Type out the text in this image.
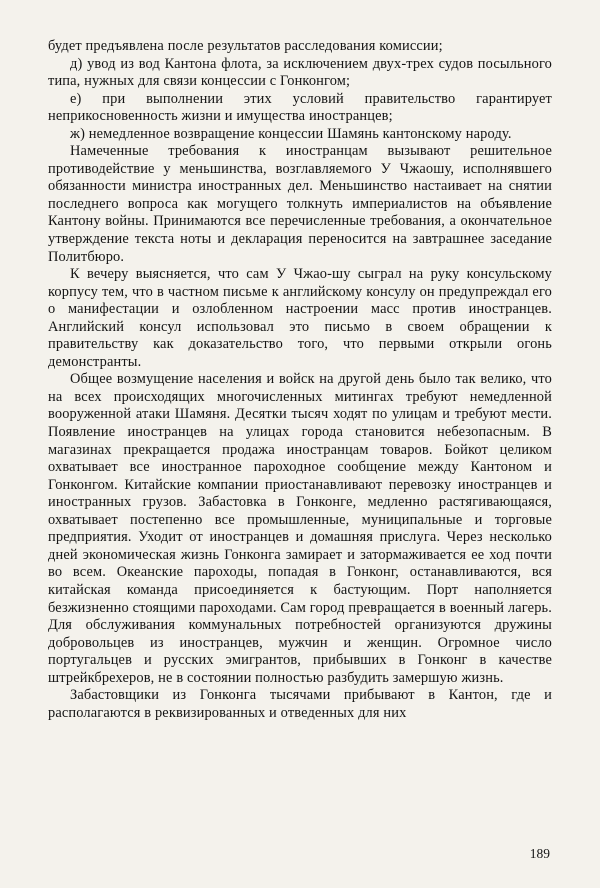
будет предъявлена после результатов расследования комиссии;

д) увод из вод Кантона флота, за исключением двух-трех судов посыльного типа, нужных для связи концессии с Гонконгом;

е) при выполнении этих условий правительство гарантирует неприкосновенность жизни и имущества иностранцев;

ж) немедленное возвращение концессии Шамянь кантонскому народу.

Намеченные требования к иностранцам вызывают решительное противодействие у меньшинства, возглавляемого У Чжаошу, исполнявшего обязанности министра иностранных дел. Меньшинство настаивает на снятии последнего вопроса как могущего толкнуть империалистов на объявление Кантону войны. Принимаются все перечисленные требования, а окончательное утверждение текста ноты и декларация переносится на завтрашнее заседание Политбюро.

К вечеру выясняется, что сам У Чжао-шу сыграл на руку консульскому корпусу тем, что в частном письме к английскому консулу он предупреждал его о манифестации и озлобленном настроении масс против иностранцев. Английский консул использовал это письмо в своем обращении к правительству как доказательство того, что первыми открыли огонь демонстранты.

Общее возмущение населения и войск на другой день было так велико, что на всех происходящих многочисленных митингах требуют немедленной вооруженной атаки Шамяня. Десятки тысяч ходят по улицам и требуют мести. Появление иностранцев на улицах города становится небезопасным. В магазинах прекращается продажа иностранцам товаров. Бойкот целиком охватывает все иностранное пароходное сообщение между Кантоном и Гонконгом. Китайские компании приостанавливают перевозку иностранцев и иностранных грузов. Забастовка в Гонконге, медленно растягивающаяся, охватывает постепенно все промышленные, муниципальные и торговые предприятия. Уходит от иностранцев и домашняя прислуга. Через несколько дней экономическая жизнь Гонконга замирает и затормаживается ее ход почти во всем. Океанские пароходы, попадая в Гонконг, останавливаются, вся китайская команда присоединяется к бастующим. Порт наполняется безжизненно стоящими пароходами. Сам город превращается в военный лагерь. Для обслуживания коммунальных потребностей организуются дружины добровольцев из иностранцев, мужчин и женщин. Огромное число португальцев и русских эмигрантов, прибывших в Гонконг в качестве штрейкбрехеров, не в состоянии полностью разбудить замершую жизнь.

Забастовщики из Гонконга тысячами прибывают в Кантон, где и располагаются в реквизированных и отведенных для них

189
